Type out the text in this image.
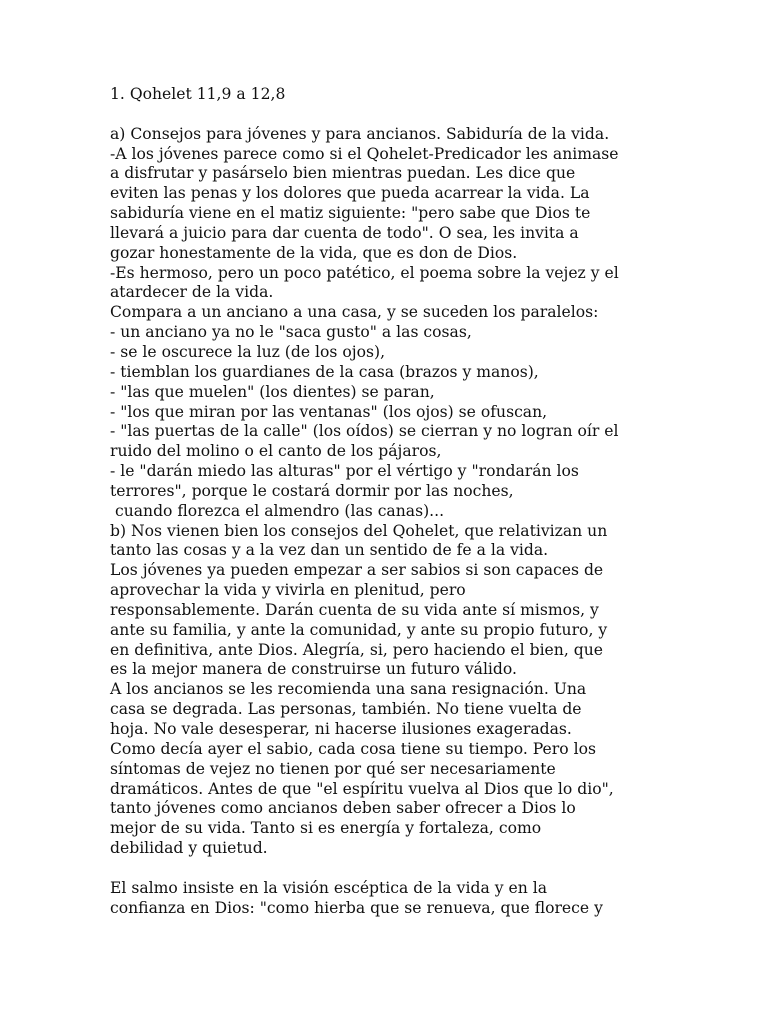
1. Qohelet 11,9 a 12,8
a) Consejos para jóvenes y para ancianos. Sabiduría de la vida.
-A los jóvenes parece como si el Qohelet-Predicador les animase
a disfrutar y pasárselo bien mientras puedan. Les dice que
eviten las penas y los dolores que pueda acarrear la vida. La
sabiduría viene en el matiz siguiente: "pero sabe que Dios te
llevará a juicio para dar cuenta de todo". O sea, les invita a
gozar honestamente de la vida, que es don de Dios.
-Es hermoso, pero un poco patético, el poema sobre la vejez y el
atardecer de la vida.
Compara a un anciano a una casa, y se suceden los paralelos:
- un anciano ya no le "saca gusto" a las cosas,
- se le oscurece la luz (de los ojos),
- tiemblan los guardianes de la casa (brazos y manos),
- "las que muelen" (los dientes) se paran,
- "los que miran por las ventanas" (los ojos) se ofuscan,
- "las puertas de la calle" (los oídos) se cierran y no logran oír el
ruido del molino o el canto de los pájaros,
- le "darán miedo las alturas" por el vértigo y "rondarán los
terrores", porque le costará dormir por las noches,
cuando florezca el almendro (las canas)...
b) Nos vienen bien los consejos del Qohelet, que relativizan un
tanto las cosas y a la vez dan un sentido de fe a la vida.
Los jóvenes ya pueden empezar a ser sabios si son capaces de
aprovechar la vida y vivirla en plenitud, pero
responsablemente. Darán cuenta de su vida ante sí mismos, y
ante su familia, y ante la comunidad, y ante su propio futuro, y
en definitiva, ante Dios. Alegría, si, pero haciendo el bien, que
es la mejor manera de construirse un futuro válido.
A los ancianos se les recomienda una sana resignación. Una
casa se degrada. Las personas, también. No tiene vuelta de
hoja. No vale desesperar, ni hacerse ilusiones exageradas.
Como decía ayer el sabio, cada cosa tiene su tiempo. Pero los
síntomas de vejez no tienen por qué ser necesariamente
dramáticos. Antes de que "el espíritu vuelva al Dios que lo dio",
tanto jóvenes como ancianos deben saber ofrecer a Dios lo
mejor de su vida. Tanto si es energía y fortaleza, como
debilidad y quietud.
El salmo insiste en la visión escéptica de la vida y en la
confianza en Dios: "como hierba que se renueva, que florece y
